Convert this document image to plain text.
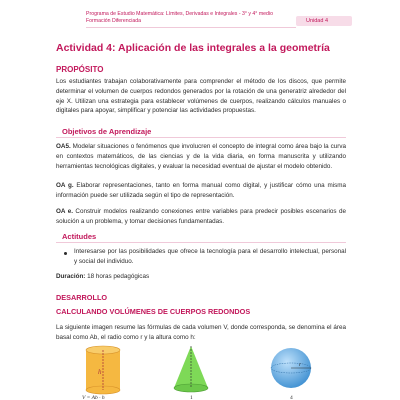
Programa de Estudio Matemática: Límites, Derivadas e Integrales - 3° y 4° medio
Formación Diferenciada	Unidad 4
Actividad 4: Aplicación de las integrales a la geometría
PROPÓSITO
Los estudiantes trabajan colaborativamente para comprender el método de los discos, que permite determinar el volumen de cuerpos redondos generados por la rotación de una generatriz alrededor del eje X. Utilizan una estrategia para establecer volúmenes de cuerpos, realizando cálculos manuales o digitales para apoyar, simplificar y potenciar las actividades propuestas.
Objetivos de Aprendizaje
OA5. Modelar situaciones o fenómenos que involucren el concepto de integral como área bajo la curva en contextos matemáticos, de las ciencias y de la vida diaria, en forma manuscrita y utilizando herramientas tecnológicas digitales, y evaluar la necesidad eventual de ajustar el modelo obtenido.
OA g. Elaborar representaciones, tanto en forma manual como digital, y justificar cómo una misma información puede ser utilizada según el tipo de representación.
OA e. Construir modelos realizando conexiones entre variables para predecir posibles escenarios de solución a un problema, y tomar decisiones fundamentadas.
Actitudes
Interesarse por las posibilidades que ofrece la tecnología para el desarrollo intelectual, personal y social del individuo.
Duración: 18 horas pedagógicas
DESARROLLO
CALCULANDO VOLÚMENES DE CUERPOS REDONDOS
La siguiente imagen resume las fórmulas de cada volumen V, donde corresponda, se denomina el área basal como Ab, el radio como r y la altura como h:
h
V = Ab · h	1
r
4
